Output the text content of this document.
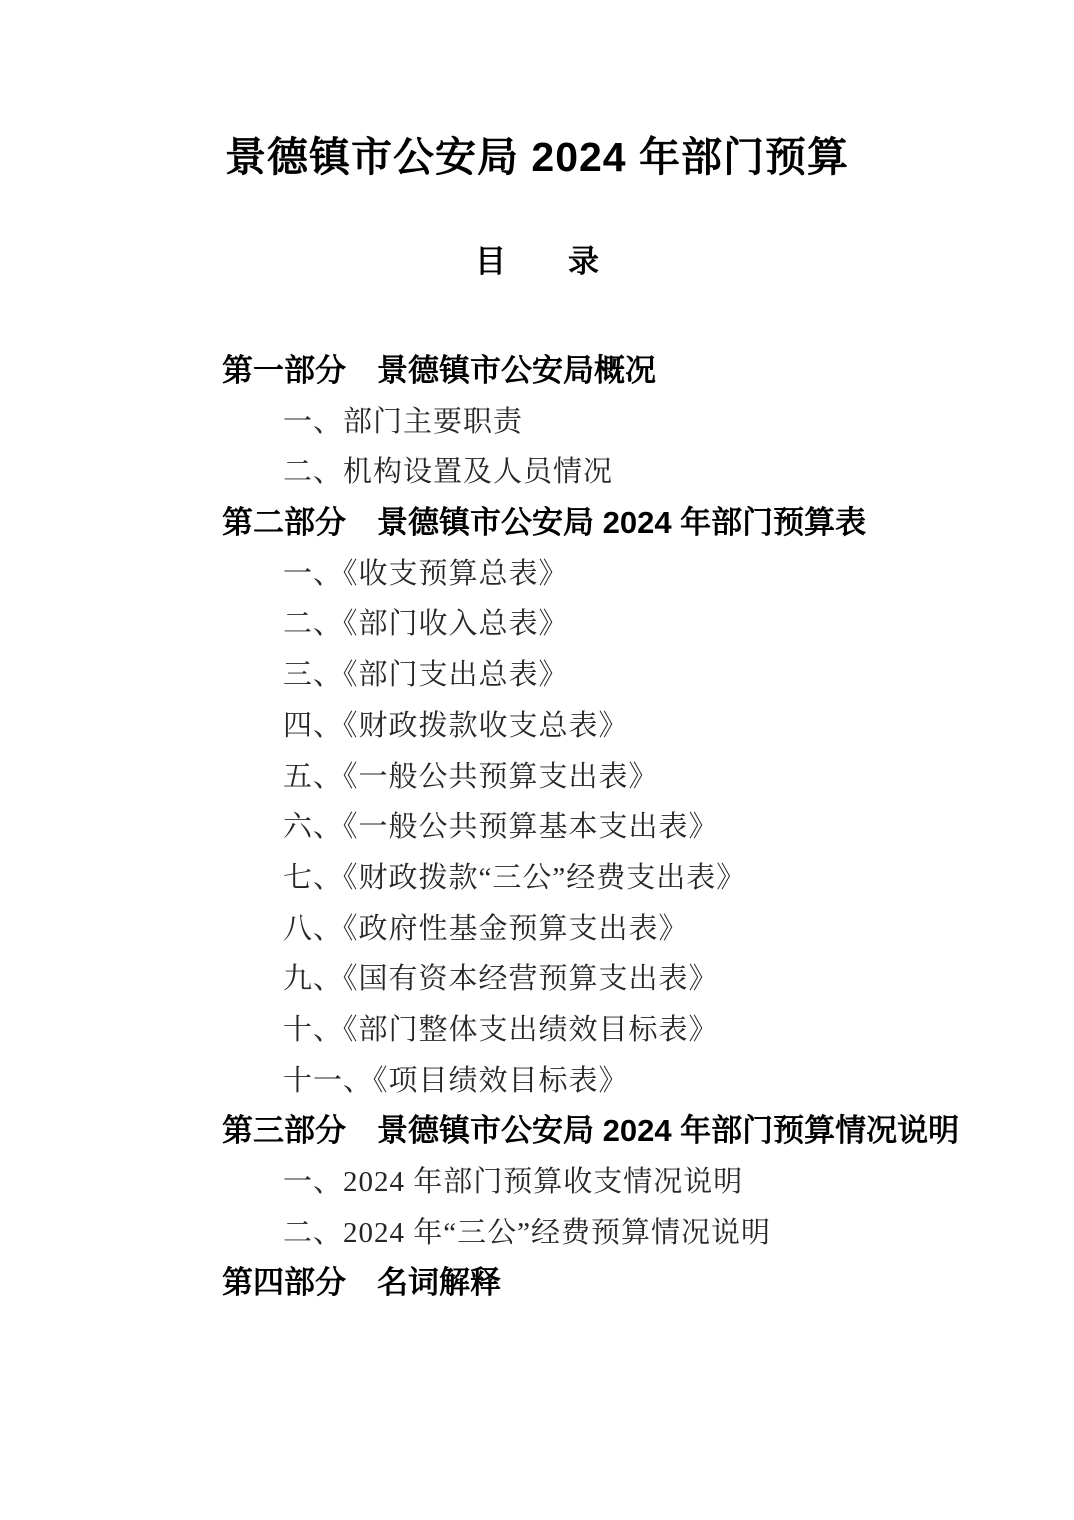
景德镇市公安局 2024 年部门预算
目　　录
第一部分　景德镇市公安局概况
一、部门主要职责
二、机构设置及人员情况
第二部分　景德镇市公安局 2024 年部门预算表
一、《收支预算总表》
二、《部门收入总表》
三、《部门支出总表》
四、《财政拨款收支总表》
五、《一般公共预算支出表》
六、《一般公共预算基本支出表》
七、《财政拨款“三公”经费支出表》
八、《政府性基金预算支出表》
九、《国有资本经营预算支出表》
十、《部门整体支出绩效目标表》
十一、《项目绩效目标表》
第三部分　景德镇市公安局 2024 年部门预算情况说明
一、2024 年部门预算收支情况说明
二、2024 年“三公”经费预算情况说明
第四部分　名词解释
